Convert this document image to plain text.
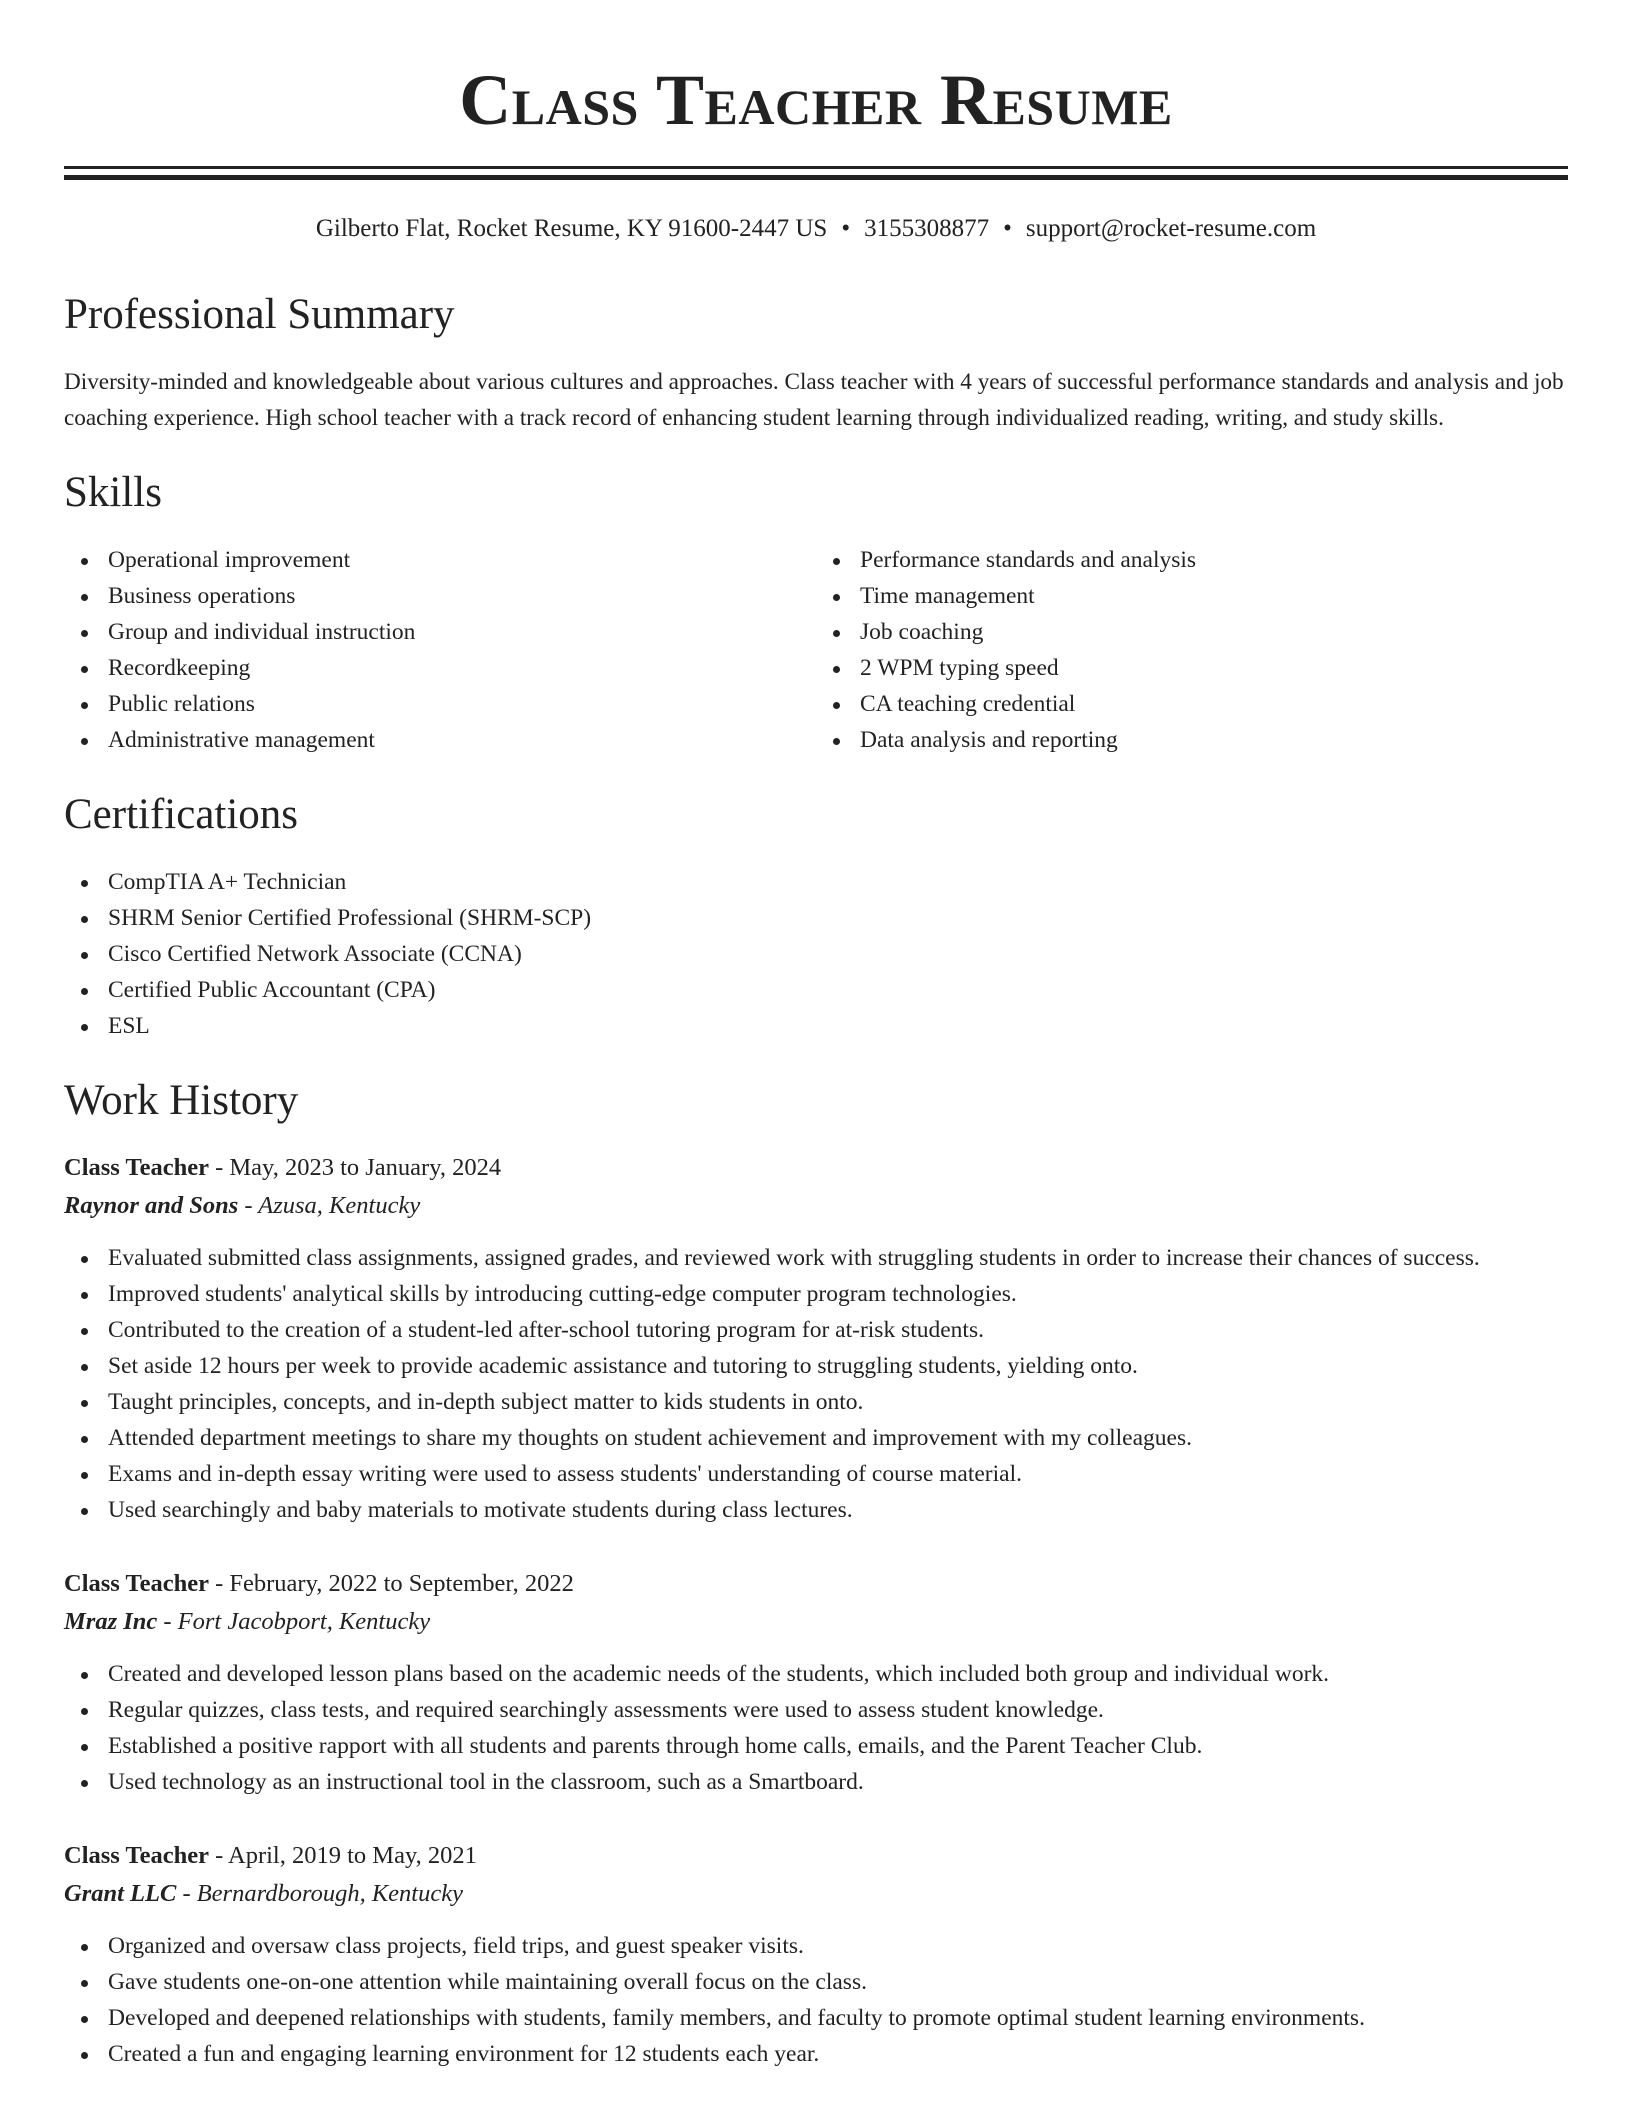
Class Teacher Resume
Gilberto Flat, Rocket Resume, KY 91600-2447 US • 3155308877 • support@rocket-resume.com
Professional Summary

Diversity-minded and knowledgeable about various cultures and approaches. Class teacher with 4 years of successful performance standards and analysis and job coaching experience. High school teacher with a track record of enhancing student learning through individualized reading, writing, and study skills.

Skills
Operational improvement
Business operations
Group and individual instruction
Recordkeeping
Public relations
Administrative management
Performance standards and analysis
Time management
Job coaching
2 WPM typing speed
CA teaching credential
Data analysis and reporting
Certifications
CompTIA A+ Technician
SHRM Senior Certified Professional (SHRM-SCP)
Cisco Certified Network Associate (CCNA)
Certified Public Accountant (CPA)
ESL
Work History
Class Teacher - May, 2023 to January, 2024
Raynor and Sons - Azusa, Kentucky
Evaluated submitted class assignments, assigned grades, and reviewed work with struggling students in order to increase their chances of success.
Improved students' analytical skills by introducing cutting-edge computer program technologies.
Contributed to the creation of a student-led after-school tutoring program for at-risk students.
Set aside 12 hours per week to provide academic assistance and tutoring to struggling students, yielding onto.
Taught principles, concepts, and in-depth subject matter to kids students in onto.
Attended department meetings to share my thoughts on student achievement and improvement with my colleagues.
Exams and in-depth essay writing were used to assess students' understanding of course material.
Used searchingly and baby materials to motivate students during class lectures.
Class Teacher - February, 2022 to September, 2022
Mraz Inc - Fort Jacobport, Kentucky
Created and developed lesson plans based on the academic needs of the students, which included both group and individual work.
Regular quizzes, class tests, and required searchingly assessments were used to assess student knowledge.
Established a positive rapport with all students and parents through home calls, emails, and the Parent Teacher Club.
Used technology as an instructional tool in the classroom, such as a Smartboard.
Class Teacher - April, 2019 to May, 2021
Grant LLC - Bernardborough, Kentucky
Organized and oversaw class projects, field trips, and guest speaker visits.
Gave students one-on-one attention while maintaining overall focus on the class.
Developed and deepened relationships with students, family members, and faculty to promote optimal student learning environments.
Created a fun and engaging learning environment for 12 students each year.
